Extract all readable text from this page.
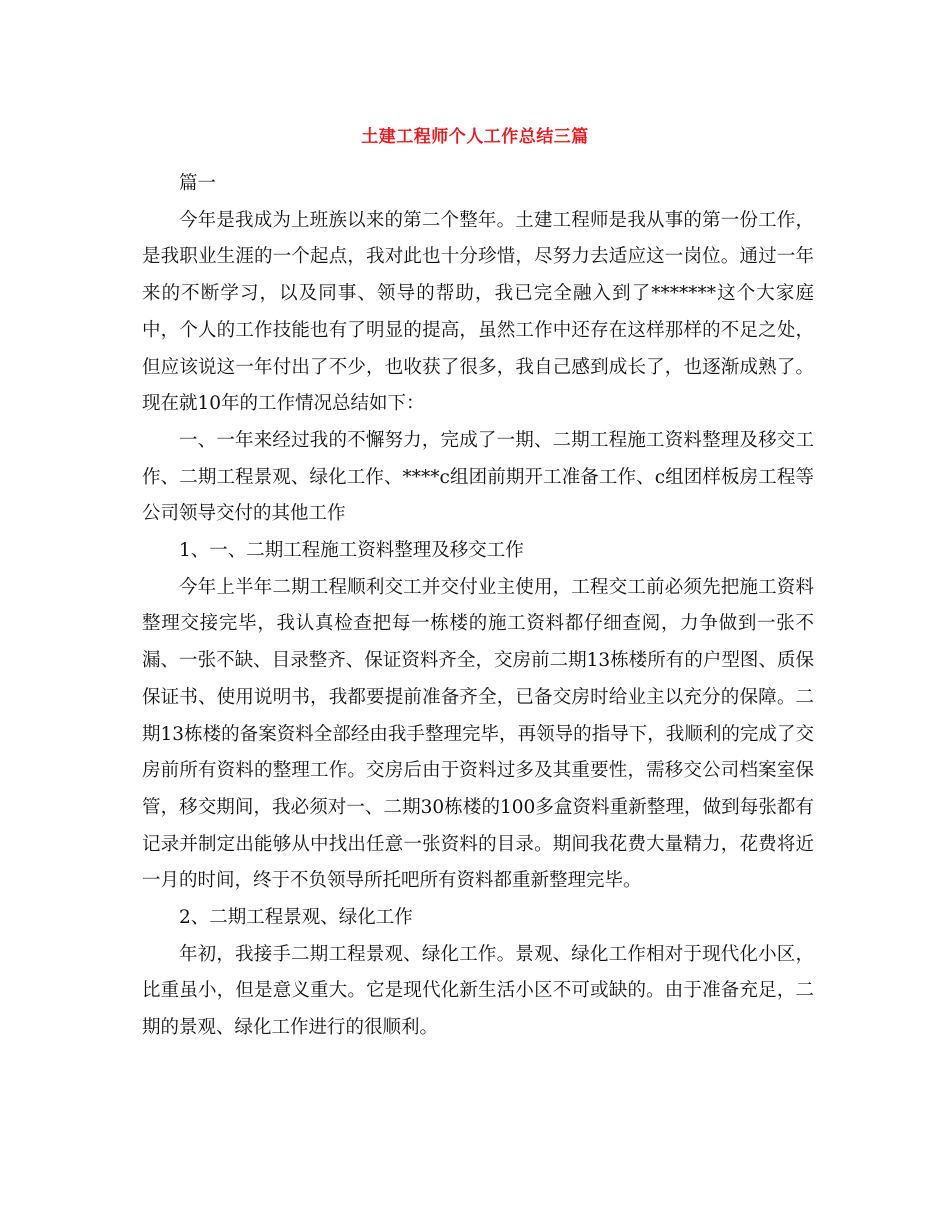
土建工程师个人工作总结三篇

篇一

今年是我成为上班族以来的第二个整年。土建工程师是我从事的第一份工作，是我职业生涯的一个起点，我对此也十分珍惜，尽努力去适应这一岗位。通过一年来的不断学习，以及同事、领导的帮助，我已完全融入到了*******这个大家庭中，个人的工作技能也有了明显的提高，虽然工作中还存在这样那样的不足之处，但应该说这一年付出了不少，也收获了很多，我自己感到成长了，也逐渐成熟了。现在就10年的工作情况总结如下：

一、一年来经过我的不懈努力，完成了一期、二期工程施工资料整理及移交工作、二期工程景观、绿化工作、****c组团前期开工准备工作、c组团样板房工程等公司领导交付的其他工作

1、一、二期工程施工资料整理及移交工作

今年上半年二期工程顺利交工并交付业主使用，工程交工前必须先把施工资料整理交接完毕，我认真检查把每一栋楼的施工资料都仔细查阅，力争做到一张不漏、一张不缺、目录整齐、保证资料齐全，交房前二期13栋楼所有的户型图、质保保证书、使用说明书，我都要提前准备齐全，已备交房时给业主以充分的保障。二期13栋楼的备案资料全部经由我手整理完毕，再领导的指导下，我顺利的完成了交房前所有资料的整理工作。交房后由于资料过多及其重要性，需移交公司档案室保管，移交期间，我必须对一、二期30栋楼的100多盒资料重新整理，做到每张都有记录并制定出能够从中找出任意一张资料的目录。期间我花费大量精力，花费将近一月的时间，终于不负领导所托吧所有资料都重新整理完毕。

2、二期工程景观、绿化工作

年初，我接手二期工程景观、绿化工作。景观、绿化工作相对于现代化小区，比重虽小，但是意义重大。它是现代化新生活小区不可或缺的。由于准备充足，二期的景观、绿化工作进行的很顺利。
